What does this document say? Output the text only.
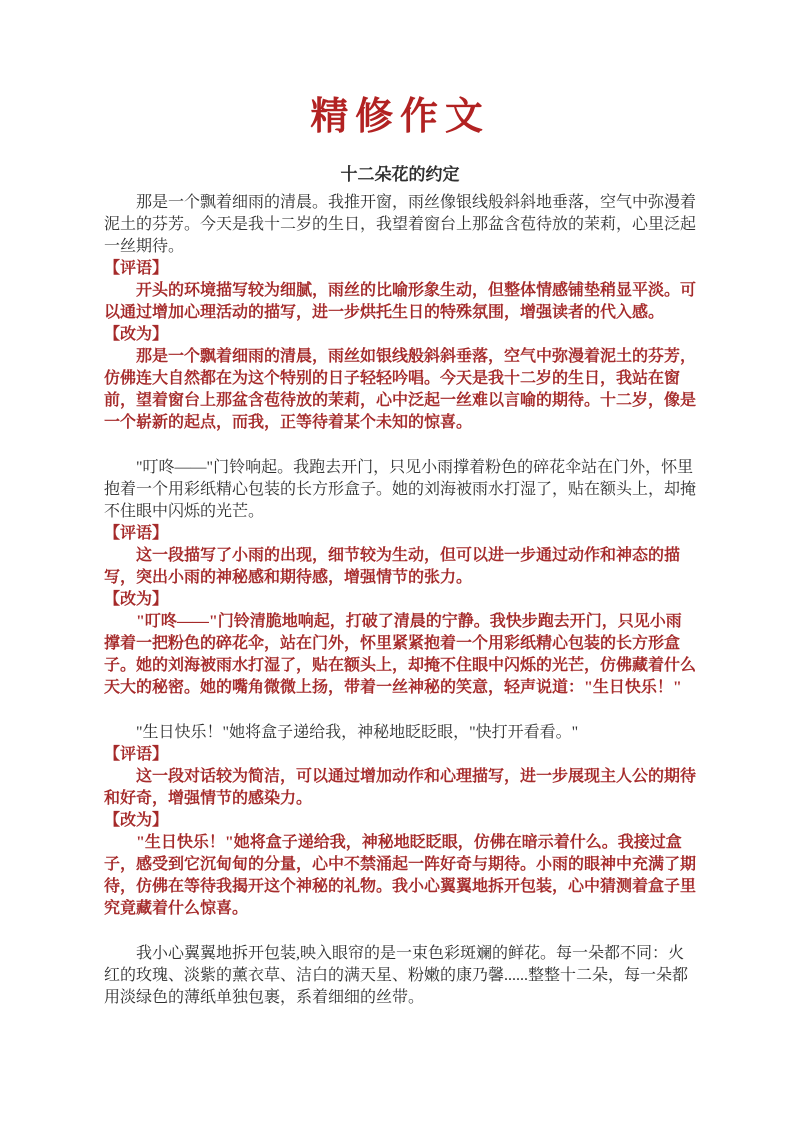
精修作文
十二朵花的约定

那是一个飘着细雨的清晨。我推开窗，雨丝像银线般斜斜地垂落，空气中弥漫着泥土的芬芳。今天是我十二岁的生日，我望着窗台上那盆含苞待放的茉莉，心里泛起一丝期待。

【评语】

开头的环境描写较为细腻，雨丝的比喻形象生动，但整体情感铺垫稍显平淡。可以通过增加心理活动的描写，进一步烘托生日的特殊氛围，增强读者的代入感。

【改为】

那是一个飘着细雨的清晨，雨丝如银线般斜斜垂落，空气中弥漫着泥土的芬芳，仿佛连大自然都在为这个特别的日子轻轻吟唱。今天是我十二岁的生日，我站在窗前，望着窗台上那盆含苞待放的茉莉，心中泛起一丝难以言喻的期待。十二岁，像是一个崭新的起点，而我，正等待着某个未知的惊喜。

"叮咚——"门铃响起。我跑去开门，只见小雨撑着粉色的碎花伞站在门外，怀里抱着一个用彩纸精心包装的长方形盒子。她的刘海被雨水打湿了，贴在额头上，却掩不住眼中闪烁的光芒。

【评语】

这一段描写了小雨的出现，细节较为生动，但可以进一步通过动作和神态的描写，突出小雨的神秘感和期待感，增强情节的张力。

【改为】

"叮咚——"门铃清脆地响起，打破了清晨的宁静。我快步跑去开门，只见小雨撑着一把粉色的碎花伞，站在门外，怀里紧紧抱着一个用彩纸精心包装的长方形盒子。她的刘海被雨水打湿了，贴在额头上，却掩不住眼中闪烁的光芒，仿佛藏着什么天大的秘密。她的嘴角微微上扬，带着一丝神秘的笑意，轻声说道："生日快乐！"

"生日快乐！"她将盒子递给我，神秘地眨眨眼，"快打开看看。"

【评语】

这一段对话较为简洁，可以通过增加动作和心理描写，进一步展现主人公的期待和好奇，增强情节的感染力。

【改为】

"生日快乐！"她将盒子递给我，神秘地眨眨眼，仿佛在暗示着什么。我接过盒子，感受到它沉甸甸的分量，心中不禁涌起一阵好奇与期待。小雨的眼神中充满了期待，仿佛在等待我揭开这个神秘的礼物。我小心翼翼地拆开包装，心中猜测着盒子里究竟藏着什么惊喜。

我小心翼翼地拆开包装,映入眼帘的是一束色彩斑斓的鲜花。每一朵都不同：火红的玫瑰、淡紫的薰衣草、洁白的满天星、粉嫩的康乃馨......整整十二朵，每一朵都用淡绿色的薄纸单独包裹，系着细细的丝带。
